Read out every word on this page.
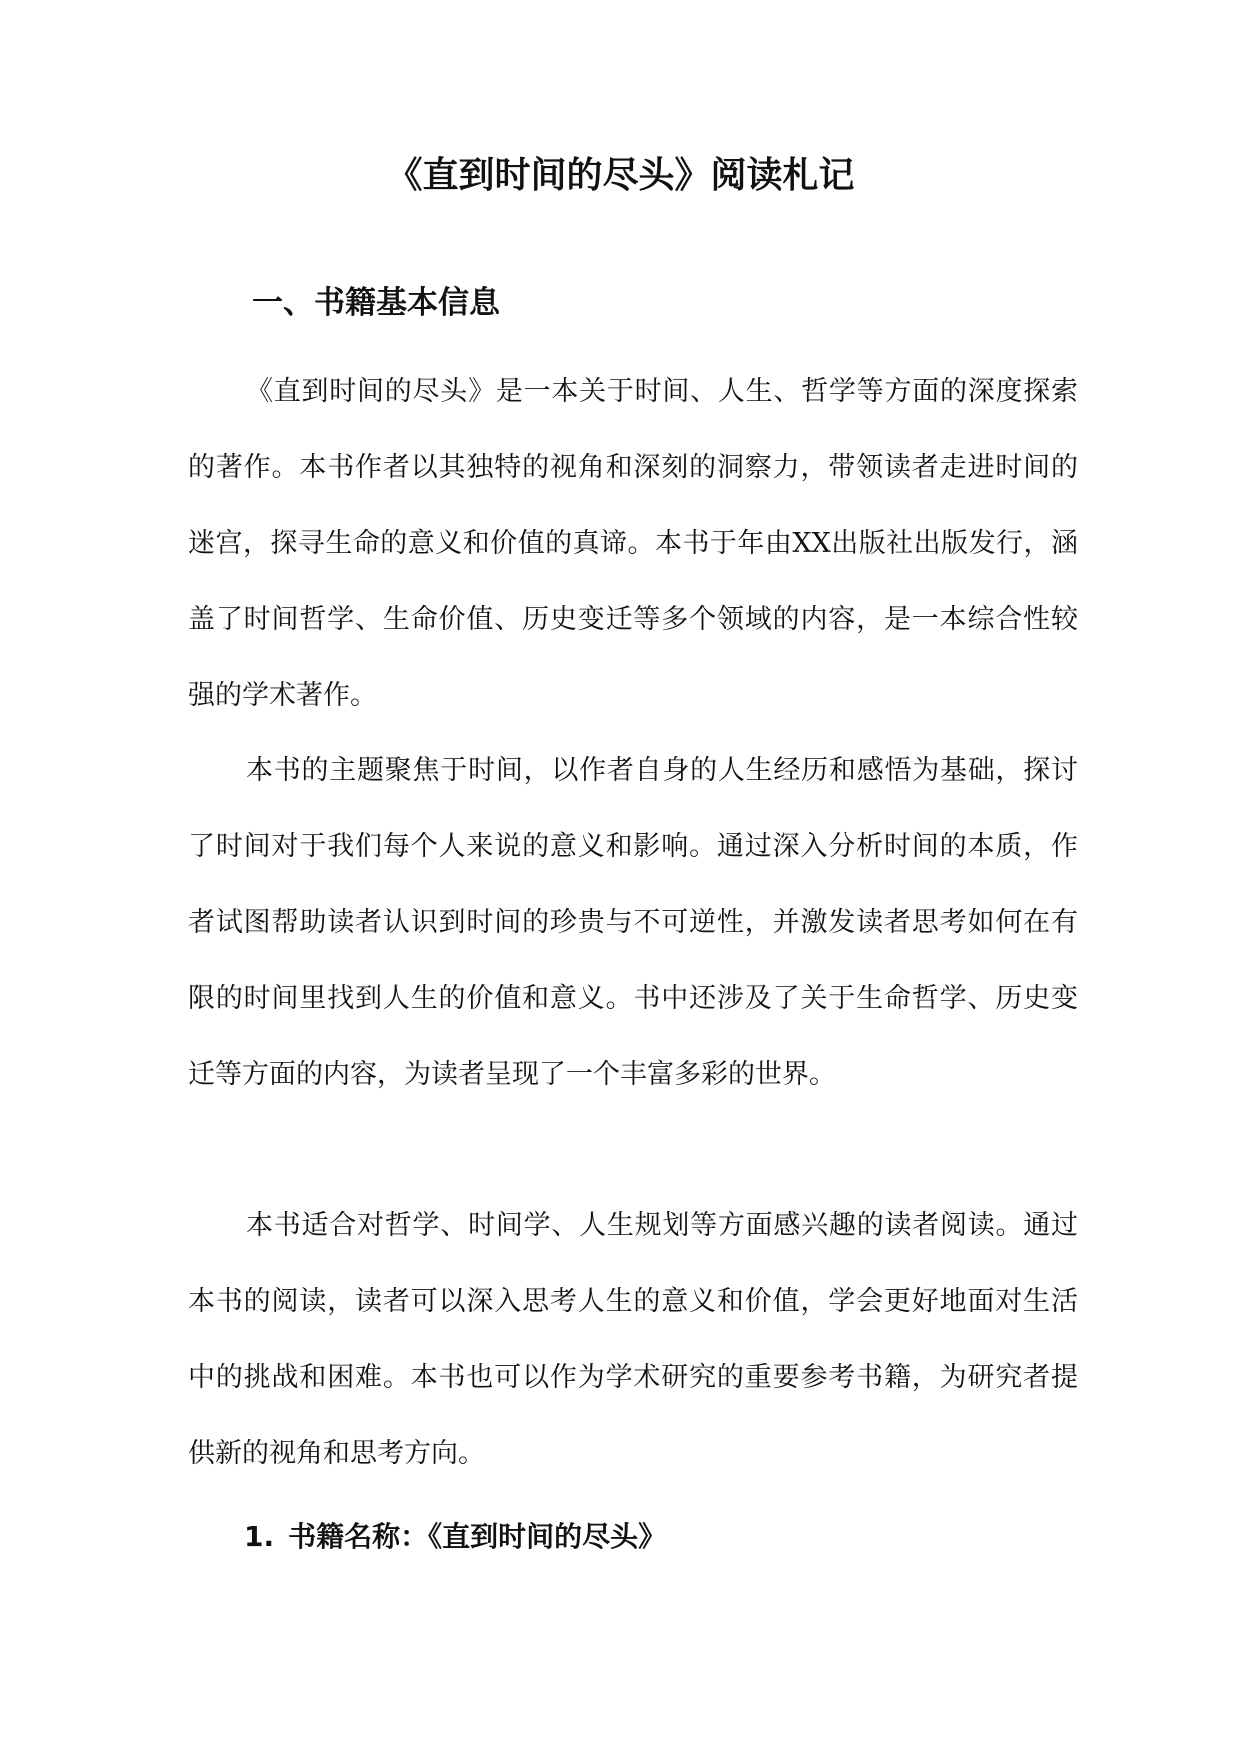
《直到时间的尽头》阅读札记
一、书籍基本信息

《直到时间的尽头》是一本关于时间、人生、哲学等方面的深度探索的著作。本书作者以其独特的视角和深刻的洞察力，带领读者走进时间的迷宫，探寻生命的意义和价值的真谛。本书于年由XX出版社出版发行，涵盖了时间哲学、生命价值、历史变迁等多个领域的内容，是一本综合性较强的学术著作。

本书的主题聚焦于时间，以作者自身的人生经历和感悟为基础，探讨了时间对于我们每个人来说的意义和影响。通过深入分析时间的本质，作者试图帮助读者认识到时间的珍贵与不可逆性，并激发读者思考如何在有限的时间里找到人生的价值和意义。书中还涉及了关于生命哲学、历史变迁等方面的内容，为读者呈现了一个丰富多彩的世界。

本书适合对哲学、时间学、人生规划等方面感兴趣的读者阅读。通过本书的阅读，读者可以深入思考人生的意义和价值，学会更好地面对生活中的挑战和困难。本书也可以作为学术研究的重要参考书籍，为研究者提供新的视角和思考方向。

1. 书籍名称：《直到时间的尽头》
